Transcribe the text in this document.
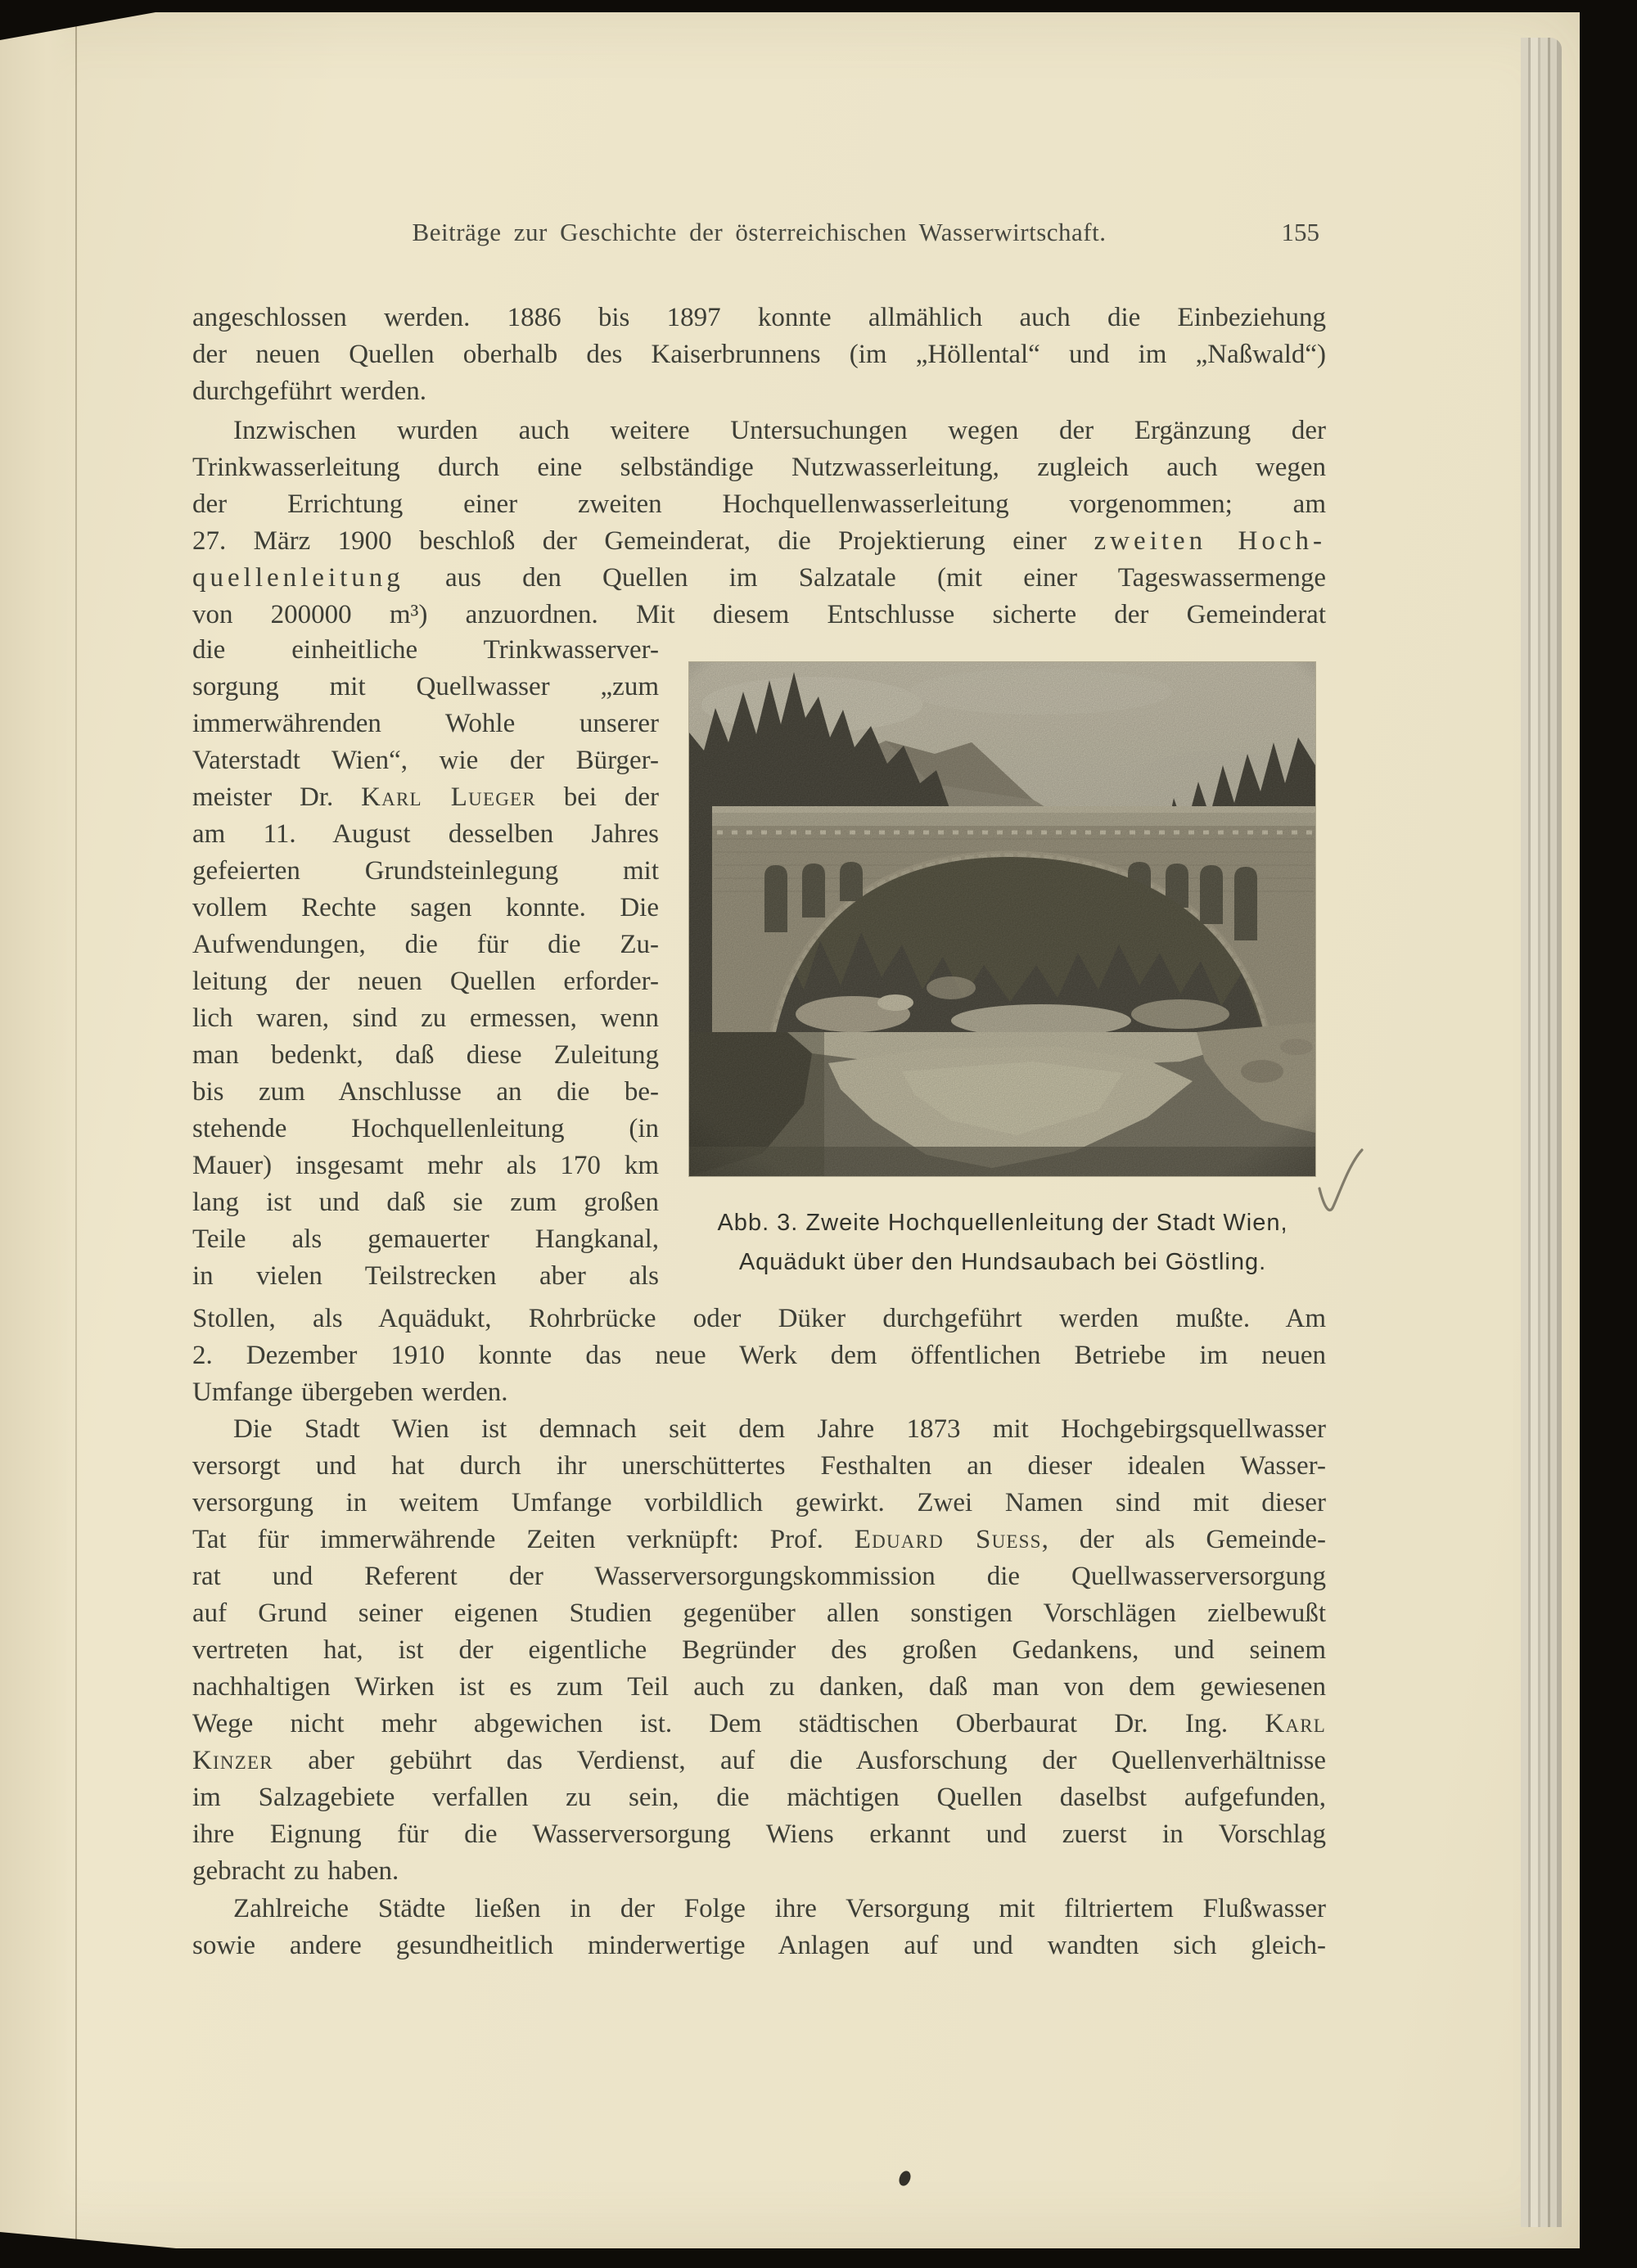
Beiträge zur Geschichte der österreichischen Wasserwirtschaft.	155
angeschlossen werden. 1886 bis 1897 konnte allmählich auch die Einbeziehung
der neuen Quellen oberhalb des Kaiserbrunnens (im „Höllental“ und im „Naßwald“)
durchgeführt werden.
Inzwischen wurden auch weitere Untersuchungen wegen der Ergänzung der
Trinkwasserleitung durch eine selbständige Nutzwasserleitung, zugleich auch wegen
der Errichtung einer zweiten Hochquellenwasserleitung vorgenommen; am
27. März 1900 beschloß der Gemeinderat, die Projektierung einer zweiten Hoch-
quellenleitung aus den Quellen im Salzatale (mit einer Tageswassermenge
von 200000 m³) anzuordnen. Mit diesem Entschlusse sicherte der Gemeinderat
die einheitliche Trinkwasserver-
sorgung mit Quellwasser „zum
immerwährenden Wohle unserer
Vaterstadt Wien“, wie der Bürger-
meister Dr. Karl Lueger bei der
am 11. August desselben Jahres
gefeierten Grundsteinlegung mit
vollem Rechte sagen konnte. Die
Aufwendungen, die für die Zu-
leitung der neuen Quellen erforder-
lich waren, sind zu ermessen, wenn
man bedenkt, daß diese Zuleitung
bis zum Anschlusse an die be-
stehende Hochquellenleitung (in
Mauer) insgesamt mehr als 170 km
lang ist und daß sie zum großen
Teile als gemauerter Hangkanal,
in vielen Teilstrecken aber als
Abb. 3. Zweite Hochquellenleitung der Stadt Wien,
Aquädukt über den Hundsaubach bei Göstling.
Stollen, als Aquädukt, Rohrbrücke oder Düker durchgeführt werden mußte. Am
2. Dezember 1910 konnte das neue Werk dem öffentlichen Betriebe im neuen
Umfange übergeben werden.
Die Stadt Wien ist demnach seit dem Jahre 1873 mit Hochgebirgsquellwasser
versorgt und hat durch ihr unerschüttertes Festhalten an dieser idealen Wasser-
versorgung in weitem Umfange vorbildlich gewirkt. Zwei Namen sind mit dieser
Tat für immerwährende Zeiten verknüpft: Prof. Eduard Suess, der als Gemeinde-
rat und Referent der Wasserversorgungskommission die Quellwasserversorgung
auf Grund seiner eigenen Studien gegenüber allen sonstigen Vorschlägen zielbewußt
vertreten hat, ist der eigentliche Begründer des großen Gedankens, und seinem
nachhaltigen Wirken ist es zum Teil auch zu danken, daß man von dem gewiesenen
Wege nicht mehr abgewichen ist. Dem städtischen Oberbaurat Dr. Ing. Karl
Kinzer aber gebührt das Verdienst, auf die Ausforschung der Quellenverhältnisse
im Salzagebiete verfallen zu sein, die mächtigen Quellen daselbst aufgefunden,
ihre Eignung für die Wasserversorgung Wiens erkannt und zuerst in Vorschlag
gebracht zu haben.
Zahlreiche Städte ließen in der Folge ihre Versorgung mit filtriertem Flußwasser
sowie andere gesundheitlich minderwertige Anlagen auf und wandten sich gleich-
